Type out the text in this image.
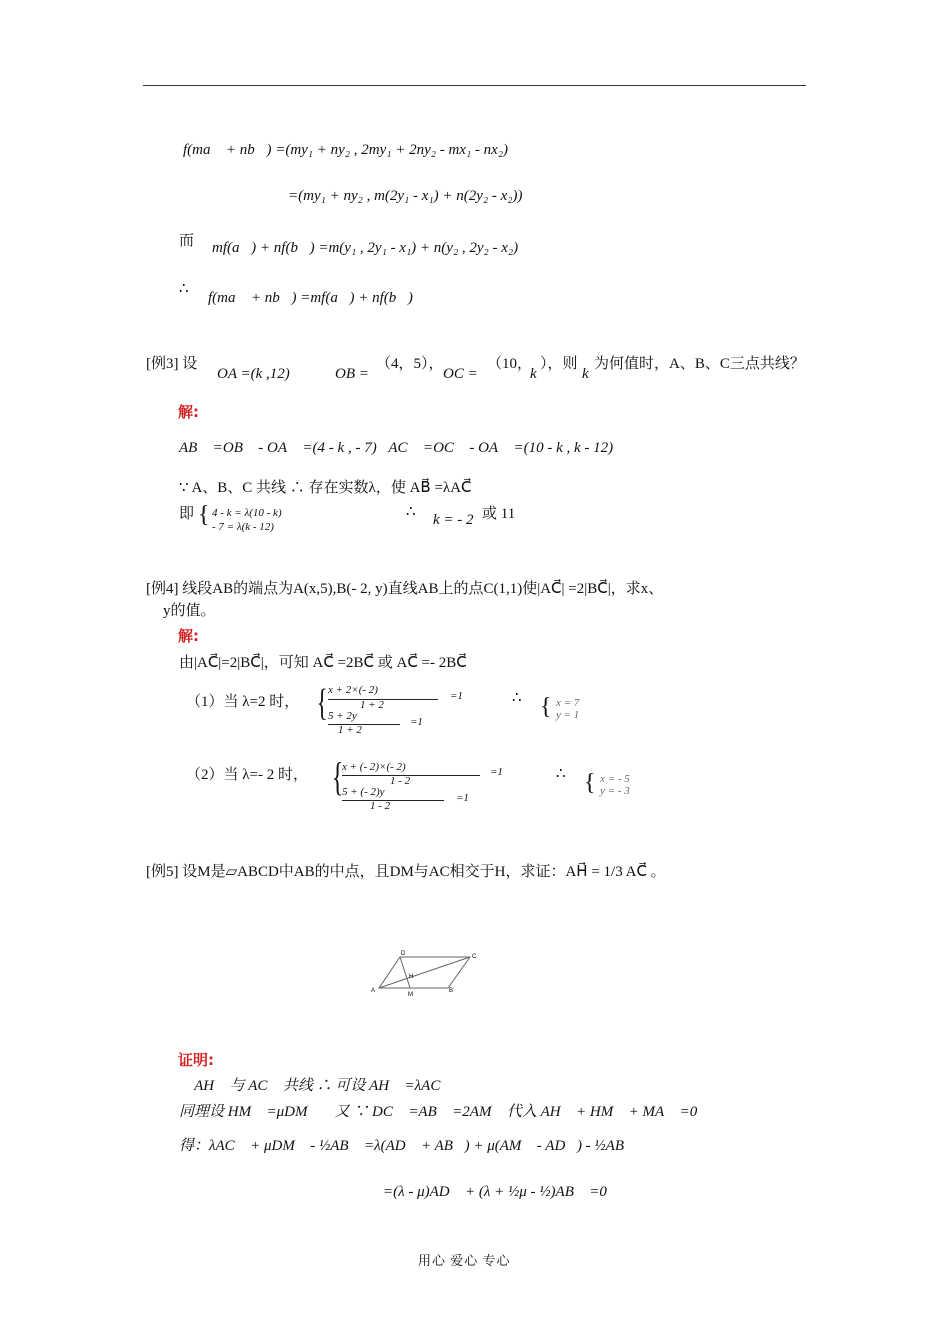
f(ma⃗ + nb⃗) =(my₁ + ny₂ , 2my₁ + 2ny₂ - mx₁ - nx₂)
=(my₁ + ny₂ , m(2y₁ - x₁) + n(2y₂ - x₂))
而 mf(a⃗) + nf(b⃗) =m(y₁ , 2y₁ - x₁) + n(y₂ , 2y₂ - x₂)
∴
f(ma⃗ + nb⃗) =mf(a⃗) + nf(b⃗)
[例3] 设
OA =(k ,12)	OB =
（4，5），
OC =
（10，
k
），则
k
为何值时，A、B、C三点共线？
解:
AB⃗ =OB⃗ - OA⃗ =(4 - k , - 7)，AC⃗ =OC⃗ - OA⃗ =(10 - k , k - 12)
∵ A、B、C 共线 ∴ 存在实数λ，使 AB⃗ =λAC⃗
即 { 4 - k = λ(10 - k)
- 7 = λ(k - 12)
∴ k = - 2 或 11
[例4] 线段AB的端点为A(x,5),B(- 2, y)直线AB上的点C(1,1)使|AC⃗| =2|BC⃗|，求x、
y的值。
解:
由|AC⃗|=2|BC⃗|，可知 AC⃗ =2BC⃗ 或 AC⃗ =- 2BC⃗
（1）当 λ=2 时， { x + 2×(- 2)
1 + 2
=1
5 + 2y
1 + 2
=1
∴ { x = 7
y = 1
（2）当 λ=- 2 时， {
x + (- 2)×(- 2)
1 - 2
=1
5 + (- 2)y
1 - 2
=1
∴ { x = - 5
y = - 3
[例5] 设M是▱ABCD中AB的中点，且DM与AC相交于H，求证：AH⃗ = 1/3 AC⃗ 。
A	B
C
D
M
H
证明:
∵ AH⃗ 与 AC⃗ 共线 ∴ 可设 AH⃗ =λAC⃗
同理设 HM⃗ =μDM⃗ ，又 ∵ DC⃗ =AB⃗ =2AM⃗ 代入 AH⃗ + HM⃗ + MA⃗ =0⃗
得：λAC⃗ + μDM⃗ - ½AB⃗ =λ(AD⃗ + AB⃗) + μ(AM⃗ - AD⃗) - ½AB⃗
=(λ - μ)AD⃗ + (λ + ½μ - ½)AB⃗ =0⃗
用心 爱心 专心
